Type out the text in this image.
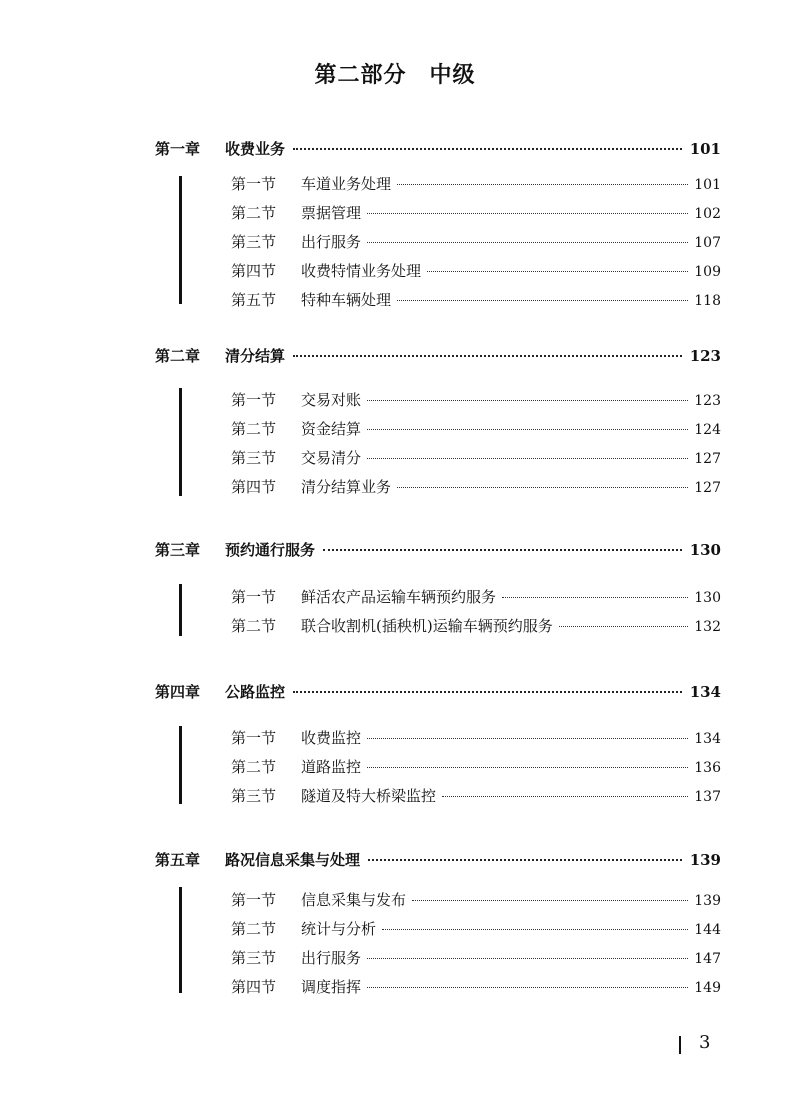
第二部分　中级
第一章	收费业务	101
第一节	车道业务处理	101
第二节	票据管理	102
第三节	出行服务	107
第四节	收费特情业务处理	109
第五节	特种车辆处理	118
第二章	清分结算	123
第一节	交易对账	123
第二节	资金结算	124
第三节	交易清分	127
第四节	清分结算业务	127
第三章	预约通行服务	130
第一节	鲜活农产品运输车辆预约服务	130
第二节	联合收割机(插秧机)运输车辆预约服务	132
第四章	公路监控	134
第一节	收费监控	134
第二节	道路监控	136
第三节	隧道及特大桥梁监控	137
第五章	路况信息采集与处理	139
第一节	信息采集与发布	139
第二节	统计与分析	144
第三节	出行服务	147
第四节	调度指挥	149
3
